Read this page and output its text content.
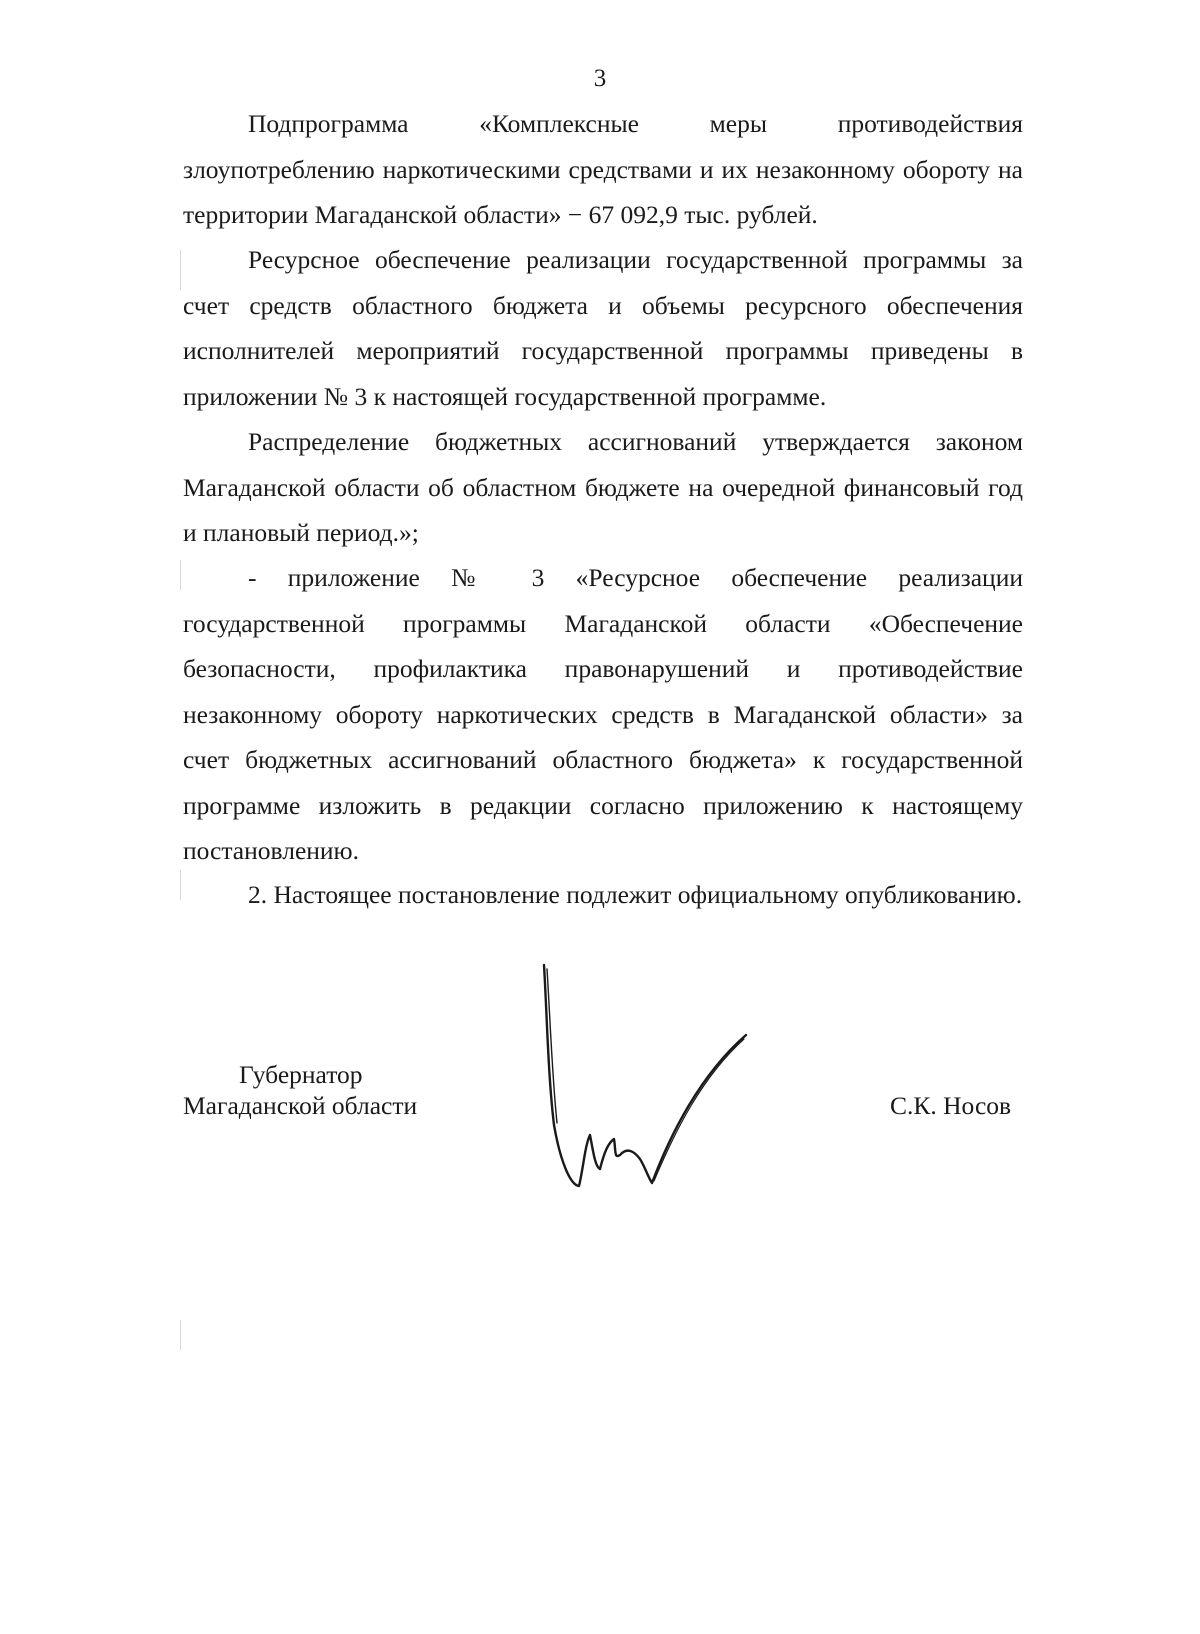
3

Подпрограмма «Комплексные меры противодействия злоупотреблению наркотическими средствами и их незаконному обороту на территории Магаданской области» − 67 092,9 тыс. рублей.

Ресурсное обеспечение реализации государственной программы за счет средств областного бюджета и объемы ресурсного обеспечения исполнителей мероприятий государственной программы приведены в приложении № 3 к настоящей государственной программе.

Распределение бюджетных ассигнований утверждается законом Магаданской области об областном бюджете на очередной финансовый год и плановый период.»;

- приложение № 3 «Ресурсное обеспечение реализации государственной программы Магаданской области «Обеспечение безопасности, профилактика правонарушений и противодействие незаконному обороту наркотических средств в Магаданской области» за счет бюджетных ассигнований областного бюджета» к государственной программе изложить в редакции согласно приложению к настоящему постановлению.

2. Настоящее постановление подлежит официальному опубликованию.

Губернатор
Магаданской области	С.К. Носов
